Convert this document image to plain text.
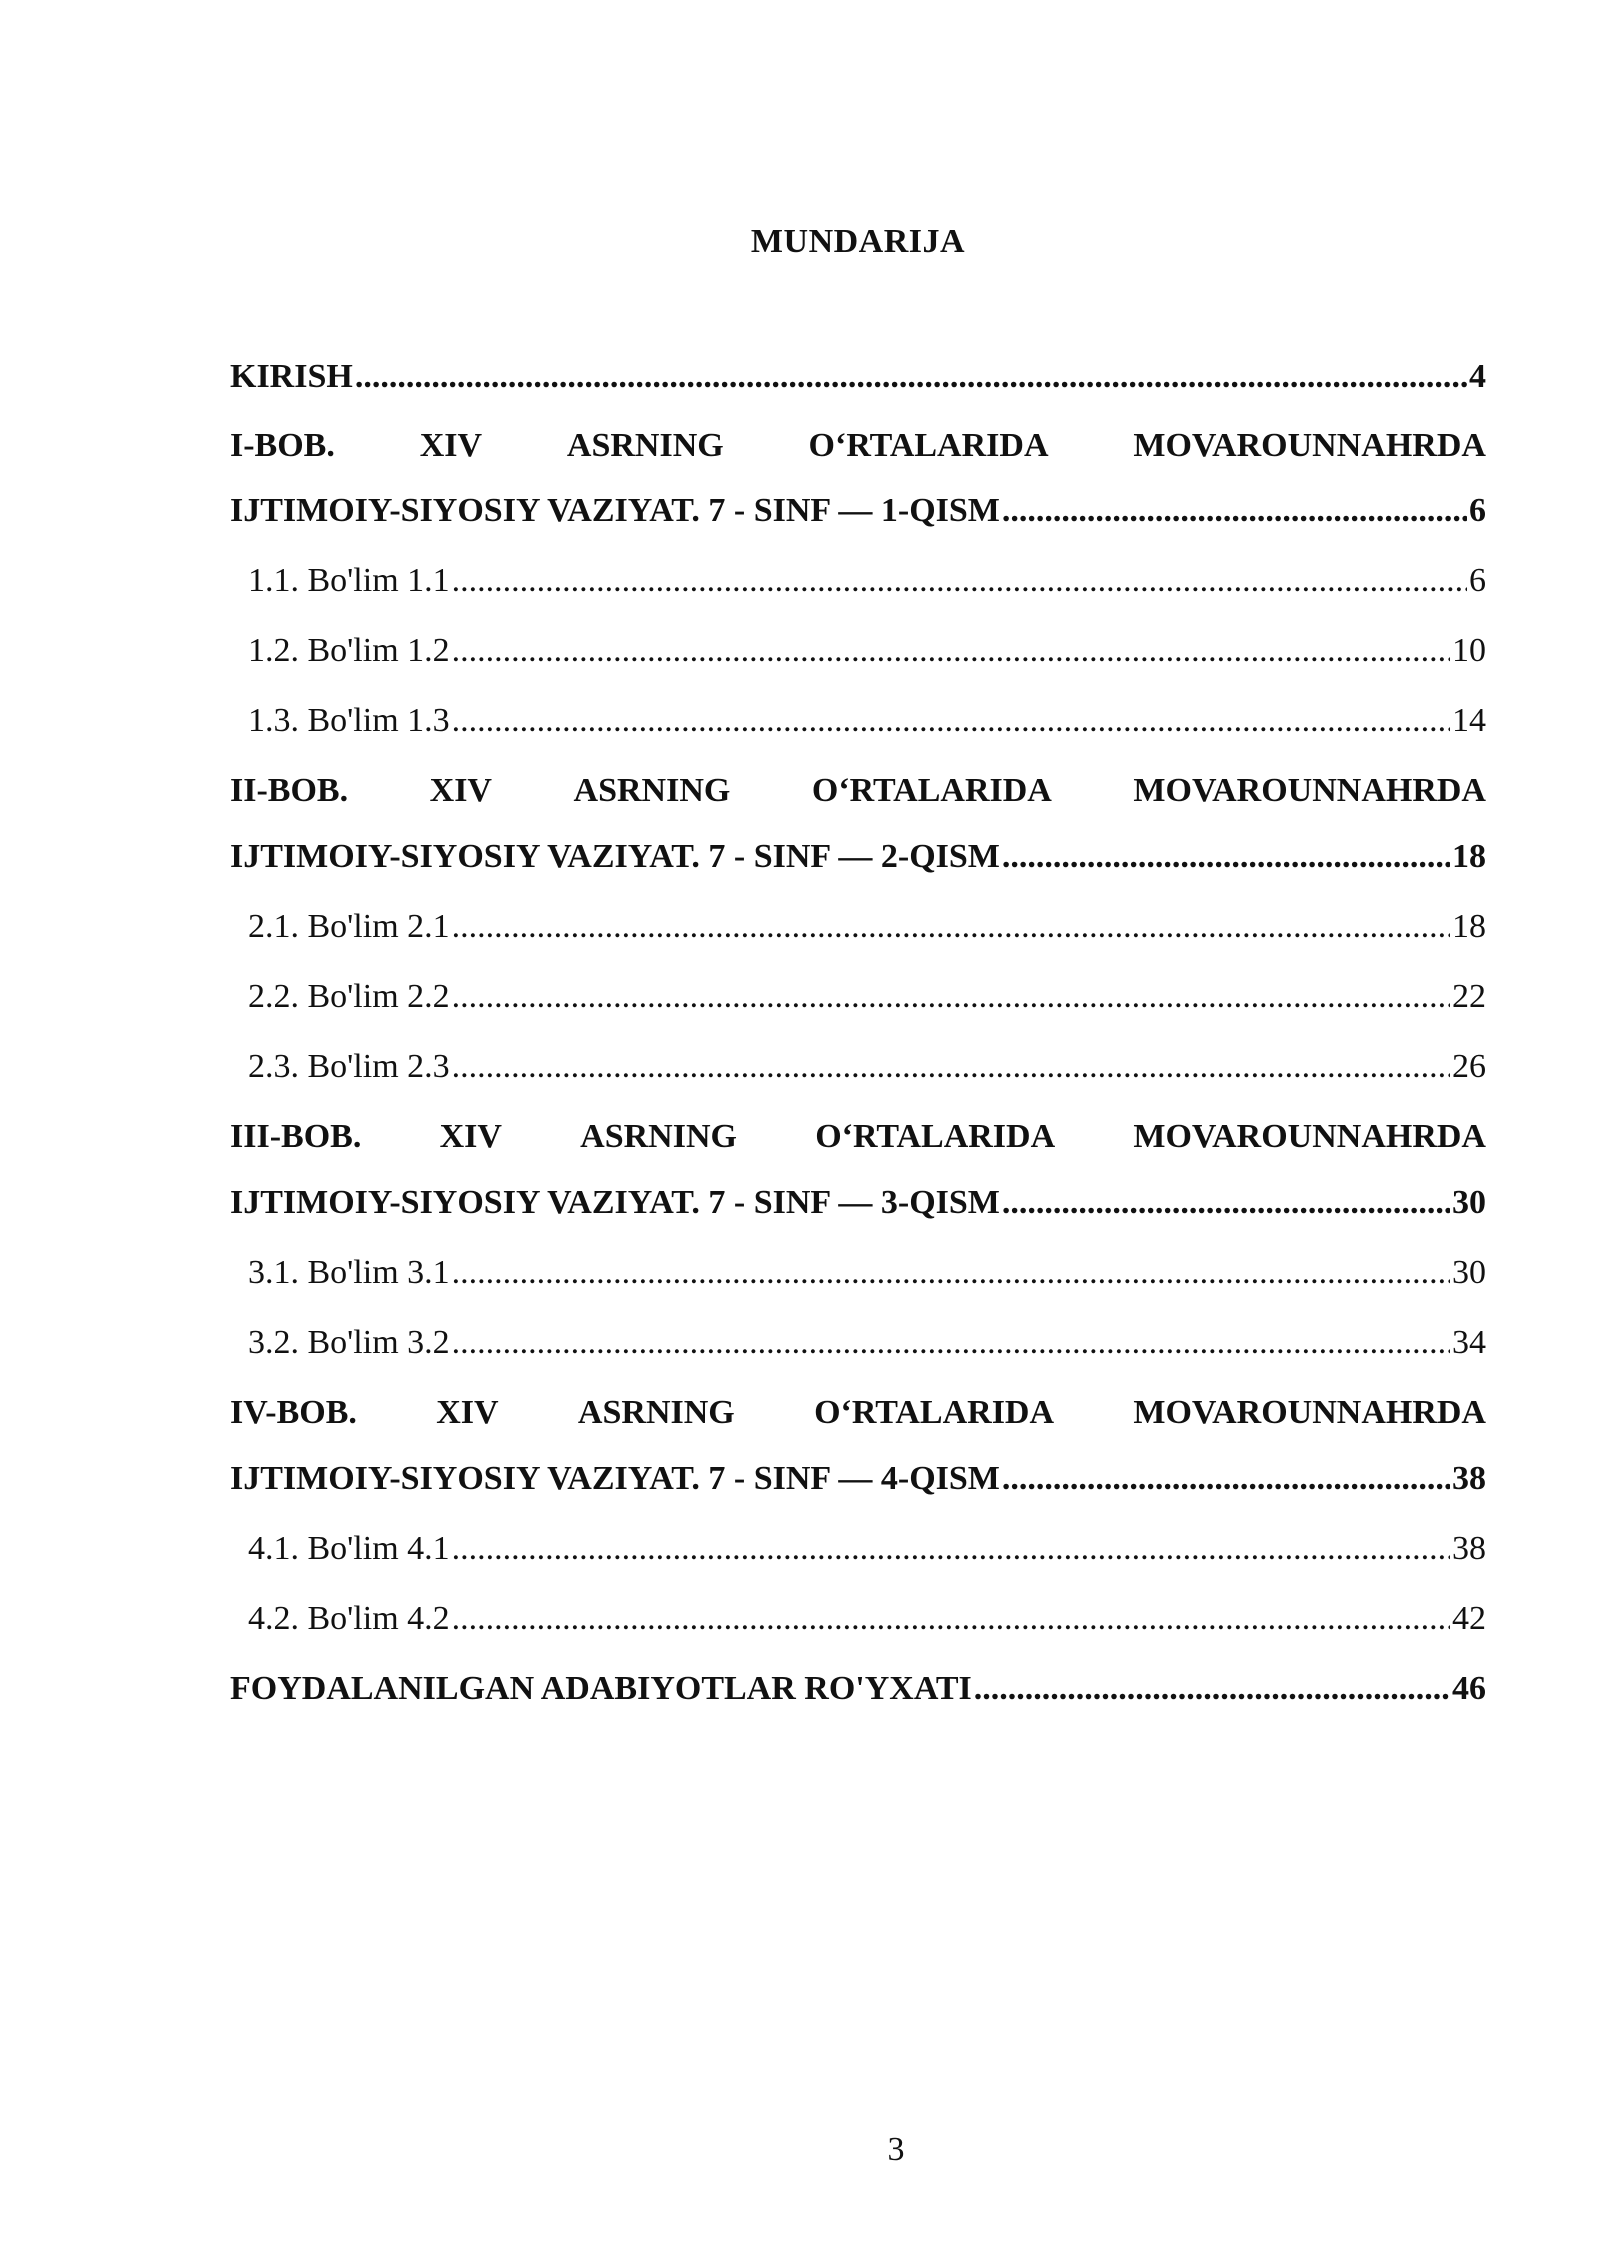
MUNDARIJA
KIRISH .....	4
I-BOB. XIV ASRNING O‘RTALARIDA MOVAROUNNAHRDA
IJTIMOIY-SIYOSIY VAZIYAT. 7 - SINF — 1-QISM .....	6
1.1. Bo'lim 1.1 .....	6
1.2. Bo'lim 1.2 .....	10
1.3. Bo'lim 1.3 .....	14
II-BOB. XIV ASRNING O‘RTALARIDA MOVAROUNNAHRDA
IJTIMOIY-SIYOSIY VAZIYAT. 7 - SINF — 2-QISM .....	18
2.1. Bo'lim 2.1 .....	18
2.2. Bo'lim 2.2 .....	22
2.3. Bo'lim 2.3 .....	26
III-BOB. XIV ASRNING O‘RTALARIDA MOVAROUNNAHRDA
IJTIMOIY-SIYOSIY VAZIYAT. 7 - SINF — 3-QISM .....	30
3.1. Bo'lim 3.1 .....	30
3.2. Bo'lim 3.2 .....	34
IV-BOB. XIV ASRNING O‘RTALARIDA MOVAROUNNAHRDA
IJTIMOIY-SIYOSIY VAZIYAT. 7 - SINF — 4-QISM .....	38
4.1. Bo'lim 4.1 .....	38
4.2. Bo'lim 4.2 .....	42
FOYDALANILGAN ADABIYOTLAR RO'YXATI .....	46
3
